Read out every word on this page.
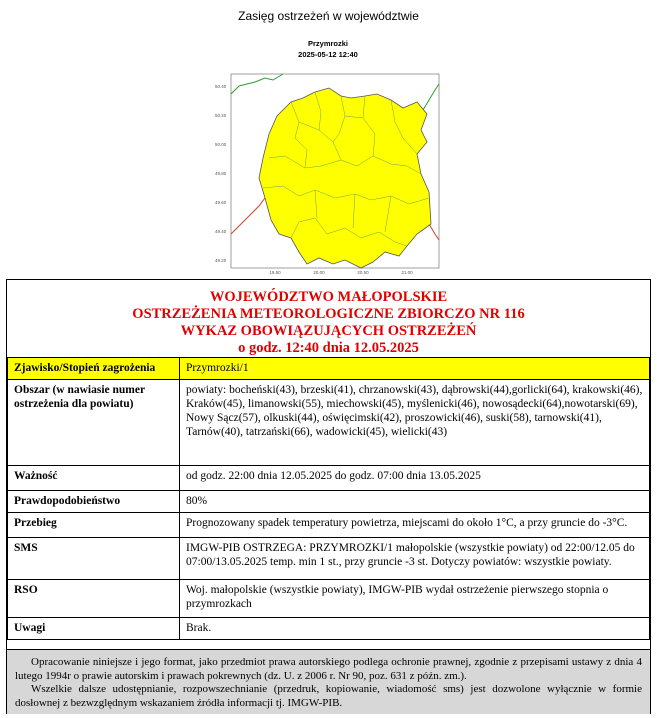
Zasięg ostrzeżeń w województwie
50.40
50.20
50.00
49.80
49.60
49.40
49.20
19.50	20.00	20.50	21.00
Przymrozki
2025-05-12 12:40
WOJEWÓDZTWO MAŁOPOLSKIE
OSTRZEŻENIA METEOROLOGICZNE ZBIORCZO NR 116
WYKAZ OBOWIĄZUJĄCYCH OSTRZEŻEŃ
o godz. 12:40 dnia 12.05.2025
Zjawisko/Stopień zagrożenia	Przymrozki/1
Obszar (w nawiasie numer ostrzeżenia dla powiatu)	powiaty: bocheński(43), brzeski(41), chrzanowski(43), dąbrowski(44),gorlicki(64), krakowski(46), Kraków(45), limanowski(55), miechowski(45), myślenicki(46), nowosądecki(64),nowotarski(69), Nowy Sącz(57), olkuski(44), oświęcimski(42), proszowicki(46), suski(58), tarnowski(41), Tarnów(40), tatrzański(66), wadowicki(45), wielicki(43)
Ważność	od godz. 22:00 dnia 12.05.2025 do godz. 07:00 dnia 13.05.2025
Prawdopodobieństwo	80%
Przebieg	Prognozowany spadek temperatury powietrza, miejscami do około 1°C, a przy gruncie do -3°C.
SMS	IMGW-PIB OSTRZEGA: PRZYMROZKI/1 małopolskie (wszystkie powiaty) od 22:00/12.05 do 07:00/13.05.2025 temp. min 1 st., przy gruncie -3 st. Dotyczy powiatów: wszystkie powiaty.
RSO	Woj. małopolskie (wszystkie powiaty), IMGW-PIB wydał ostrzeżenie pierwszego stopnia o przymrozkach
Uwagi	Brak.

Opracowanie niniejsze i jego format, jako przedmiot prawa autorskiego podlega ochronie prawnej, zgodnie z przepisami ustawy z dnia 4 lutego 1994r o prawie autorskim i prawach pokrewnych (dz. U. z 2006 r. Nr 90, poz. 631 z późn. zm.).

Wszelkie dalsze udostępnianie, rozpowszechnianie (przedruk, kopiowanie, wiadomość sms) jest dozwolone wyłącznie w formie dosłownej z bezwzględnym wskazaniem źródła informacji tj. IMGW-PIB.
